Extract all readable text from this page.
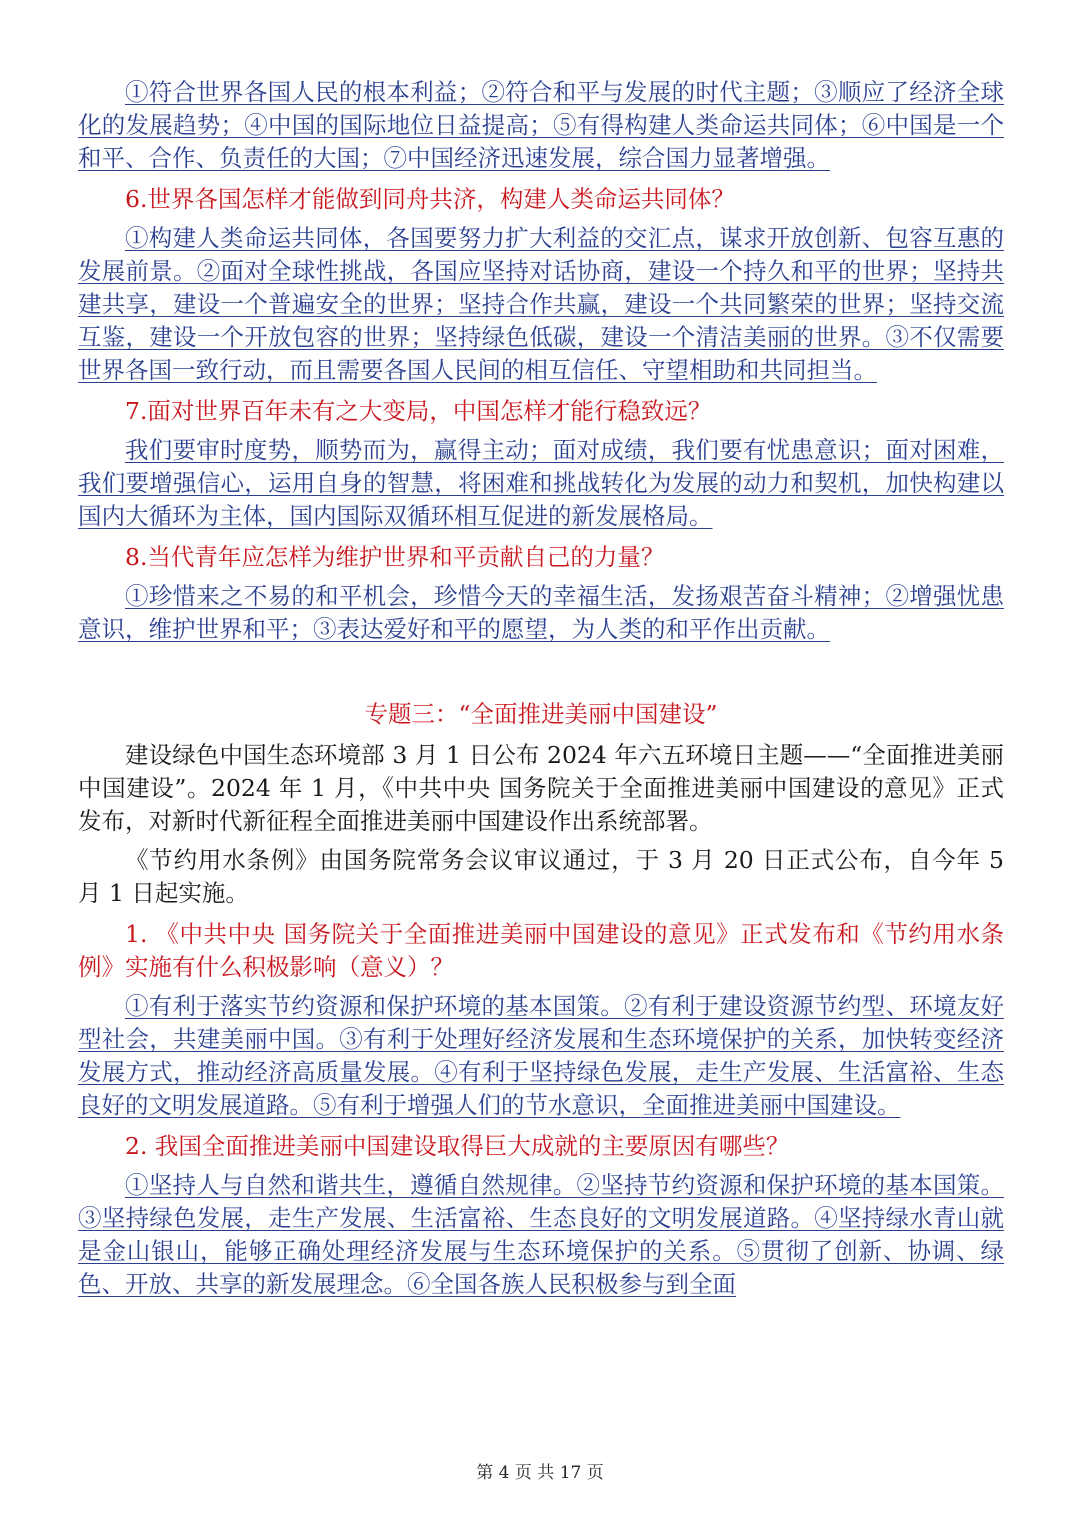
①符合世界各国人民的根本利益；②符合和平与发展的时代主题；③顺应了经济全球化的发展趋势；④中国的国际地位日益提高；⑤有得构建人类命运共同体；⑥中国是一个和平、合作、负责任的大国；⑦中国经济迅速发展，综合国力显著增强。

6.世界各国怎样才能做到同舟共济，构建人类命运共同体？

①构建人类命运共同体，各国要努力扩大利益的交汇点，谋求开放创新、包容互惠的发展前景。②面对全球性挑战，各国应坚持对话协商，建设一个持久和平的世界；坚持共建共享，建设一个普遍安全的世界；坚持合作共赢，建设一个共同繁荣的世界；坚持交流互鉴，建设一个开放包容的世界；坚持绿色低碳，建设一个清洁美丽的世界。③不仅需要世界各国一致行动，而且需要各国人民间的相互信任、守望相助和共同担当。

7.面对世界百年未有之大变局，中国怎样才能行稳致远？

我们要审时度势，顺势而为，赢得主动；面对成绩，我们要有忧患意识；面对困难，我们要增强信心，运用自身的智慧，将困难和挑战转化为发展的动力和契机，加快构建以国内大循环为主体，国内国际双循环相互促进的新发展格局。

8.当代青年应怎样为维护世界和平贡献自己的力量？

①珍惜来之不易的和平机会，珍惜今天的幸福生活，发扬艰苦奋斗精神；②增强忧患意识，维护世界和平；③表达爱好和平的愿望，为人类的和平作出贡献。

专题三：“全面推进美丽中国建设”

建设绿色中国生态环境部 3 月 1 日公布 2024 年六五环境日主题——“全面推进美丽中国建设”。2024 年 1 月，《中共中央 国务院关于全面推进美丽中国建设的意见》正式发布，对新时代新征程全面推进美丽中国建设作出系统部署。

《节约用水条例》由国务院常务会议审议通过，于 3 月 20 日正式公布，自今年 5 月 1 日起实施。

1. 《中共中央 国务院关于全面推进美丽中国建设的意见》正式发布和《节约用水条例》实施有什么积极影响（意义）？

①有利于落实节约资源和保护环境的基本国策。②有利于建设资源节约型、环境友好型社会，共建美丽中国。③有利于处理好经济发展和生态环境保护的关系，加快转变经济发展方式，推动经济高质量发展。④有利于坚持绿色发展，走生产发展、生活富裕、生态良好的文明发展道路。⑤有利于增强人们的节水意识，全面推进美丽中国建设。

2. 我国全面推进美丽中国建设取得巨大成就的主要原因有哪些？

①坚持人与自然和谐共生，遵循自然规律。②坚持节约资源和保护环境的基本国策。③坚持绿色发展，走生产发展、生活富裕、生态良好的文明发展道路。④坚持绿水青山就是金山银山，能够正确处理经济发展与生态环境保护的关系。⑤贯彻了创新、协调、绿色、开放、共享的新发展理念。⑥全国各族人民积极参与到全面

第 4 页 共 17 页
